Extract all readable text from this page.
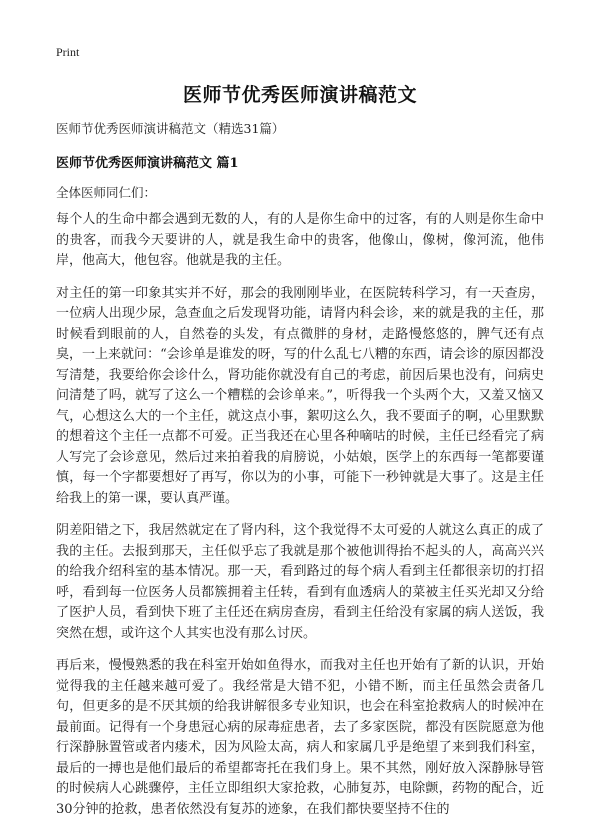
Print
医师节优秀医师演讲稿范文
医师节优秀医师演讲稿范文（精选31篇）
医师节优秀医师演讲稿范文 篇1
全体医师同仁们：

每个人的生命中都会遇到无数的人，有的人是你生命中的过客，有的人则是你生命中的贵客，而我今天要讲的人，就是我生命中的贵客，他像山，像树，像河流，他伟岸，他高大，他包容。他就是我的主任。

对主任的第一印象其实并不好，那会的我刚刚毕业，在医院转科学习，有一天查房，一位病人出现少尿，急查血之后发现肾功能，请肾内科会诊，来的就是我的主任，那时候看到眼前的人，自然卷的头发，有点微胖的身材，走路慢悠悠的，脾气还有点臭，一上来就问：“会诊单是谁发的呀，写的什么乱七八糟的东西，请会诊的原因都没写清楚，我要给你会诊什么，肾功能你就没有自己的考虑，前因后果也没有，问病史问清楚了吗，就写了这么一个糟糕的会诊单来。”，听得我一个头两个大，又羞又恼又气，心想这么大的一个主任，就这点小事，絮叨这么久，我不要面子的啊，心里默默的想着这个主任一点都不可爱。正当我还在心里各种嘀咕的时候，主任已经看完了病人写完了会诊意见，然后过来拍着我的肩膀说，小姑娘，医学上的东西每一笔都要谨慎，每一个字都要想好了再写，你以为的小事，可能下一秒钟就是大事了。这是主任给我上的第一课，要认真严谨。

阴差阳错之下，我居然就定在了肾内科，这个我觉得不太可爱的人就这么真正的成了我的主任。去报到那天，主任似乎忘了我就是那个被他训得抬不起头的人，高高兴兴的给我介绍科室的基本情况。那一天，看到路过的每个病人看到主任都很亲切的打招呼，看到每一位医务人员都簇拥着主任转，看到有血透病人的菜被主任买光却又分给了医护人员，看到快下班了主任还在病房查房，看到主任给没有家属的病人送饭，我突然在想，或许这个人其实也没有那么讨厌。

再后来，慢慢熟悉的我在科室开始如鱼得水，而我对主任也开始有了新的认识，开始觉得我的主任越来越可爱了。我经常是大错不犯，小错不断，而主任虽然会责备几句，但更多的是不厌其烦的给我讲解很多专业知识，也会在科室抢救病人的时候冲在最前面。记得有一个身患冠心病的尿毒症患者，去了多家医院，都没有医院愿意为他行深静脉置管或者内瘘术，因为风险太高，病人和家属几乎是绝望了来到我们科室，最后的一搏也是他们最后的希望都寄托在我们身上。果不其然，刚好放入深静脉导管的时候病人心跳骤停，主任立即组织大家抢救，心肺复苏，电除颤，药物的配合，近30分钟的抢救，患者依然没有复苏的迹象，在我们都快要坚持不住的
